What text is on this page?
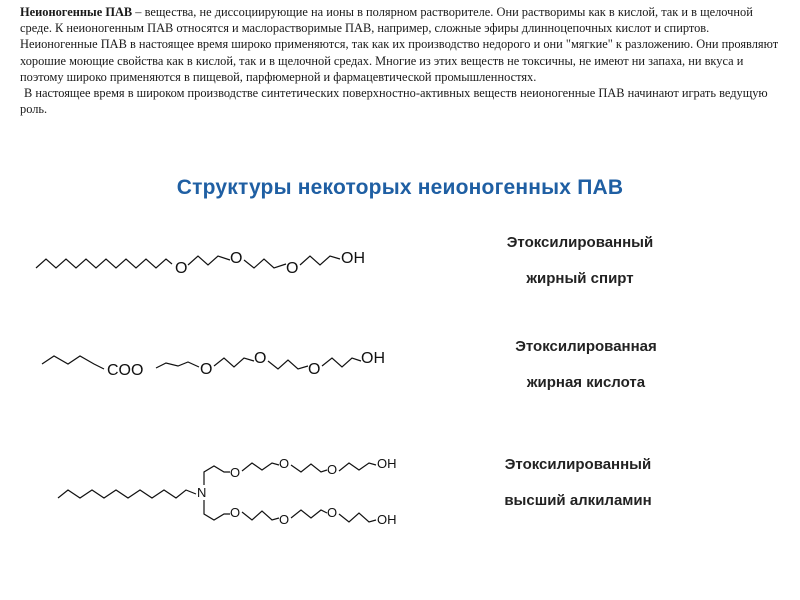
Неионогенные ПАВ – вещества, не диссоциирующие на ионы в полярном растворителе. Они растворимы как в кислой, так и в щелочной среде. К неионогенным ПАВ относятся и маслорастворимые ПАВ, например, сложные эфиры длинноцепочных кислот и спиртов. Неионогенные ПАВ в настоящее время широко применяются, так как их производство недорого и они "мягкие" к разложению. Они проявляют хорошие моющие свойства как в кислой, так и в щелочной средах. Многие из этих веществ не токсичны, не имеют ни запаха, ни вкуса и поэтому широко применяются в пищевой, парфюмерной и фармацевтической промышленностях.

В настоящее время в широком производстве синтетических поверхностно-активных веществ неионогенные ПАВ начинают играть ведущую роль.

Структуры некоторых неионогенных ПАВ
O
O
O
OH
Этоксилированный
жирный спирт
COO	O
O
O
OH
Этоксилированная
жирная кислота
N
O
O	O	OH
O	O	O	OH
Этоксилированный
высший алкиламин
